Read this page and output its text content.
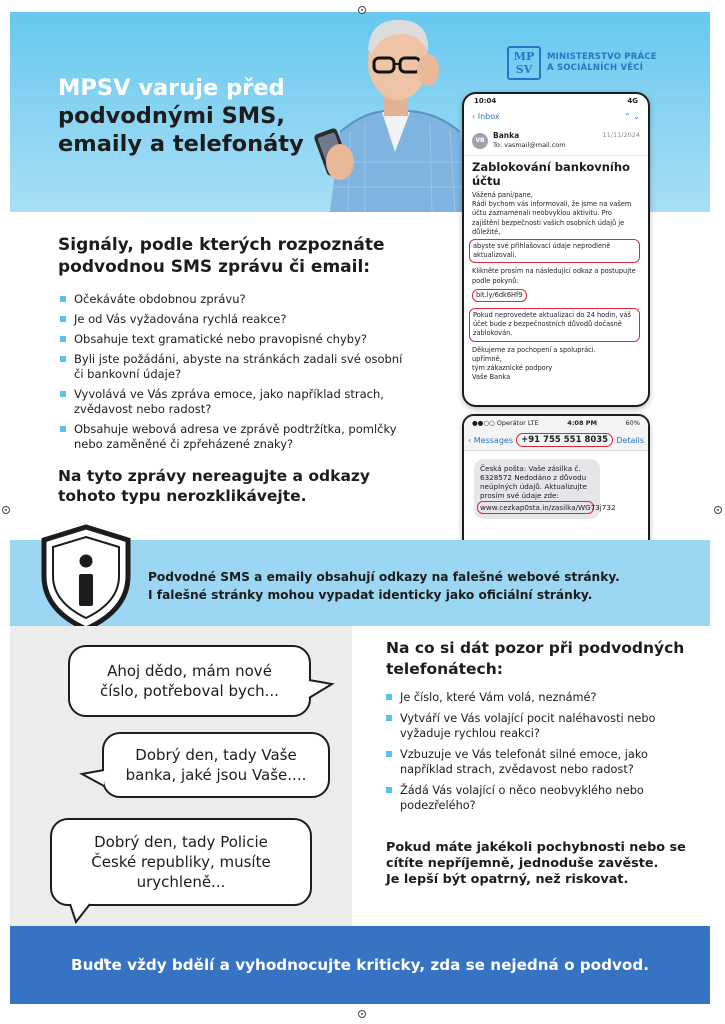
MPSV varuje před
podvodnými SMS,
emaily a telefonáty
MP SV
MINISTERSTVO PRÁCE
A SOCIÁLNÍCH VĚCÍ
10:04	4G
‹ Inbox	⌃ ⌄
VB
Banka
To: vasmail@mail.com
11/11/2024
Zablokování bankovního účtu

Vážená paní/pane,

Rádi bychom vás informovali, že jsme na vašem účtu zaznamenali neobvyklou aktivitu. Pro zajištění bezpečnosti vašich osobních údajů je důležité,

abyste své přihlašovací údaje neprodleně aktualizovali.

Klikněte prosím na následující odkaz a postupujte podle pokynů:

bit.ly/6dk6Hf9
Pokud neprovedete aktualizaci do 24 hodin, váš účet bude z bezpečnostních důvodů dočasně zablokován.

Děkujeme za pochopení a spolupráci.

upřímně,

tým zákaznické podpory

Vaše Banka

●●○○ Operátor LTE	4:08 PM	60%
‹ Messages +91 755 551 8035	Details
Česká pošta: Vaše zásilka č. 6328572 Nedodáno z důvodu neúplných údajů. Aktualizujte prosím své údaje zde:
www.cezkap0sta.in/zasilka/WG73j732
Signály, podle kterých rozpoznáte podvodnou SMS zprávu či email:
Očekáváte obdobnou zprávu?
Je od Vás vyžadována rychlá reakce?
Obsahuje text gramatické nebo pravopisné chyby?
Byli jste požádáni, abyste na stránkách zadali své osobní či bankovní údaje?
Vyvolává ve Vás zpráva emoce, jako například strach, zvědavost nebo radost?
Obsahuje webová adresa ve zprávě podtržítka, pomlčky nebo zaměněné či zpřeházené znaky?
Na tyto zprávy nereagujte a odkazy tohoto typu nerozklikávejte.
Podvodné SMS a emaily obsahují odkazy na falešné webové stránky.
I falešné stránky mohou vypadat identicky jako oficiální stránky.
Ahoj dědo, mám nové číslo, potřeboval bych...
Dobrý den, tady Vaše banka, jaké jsou Vaše....
Dobrý den, tady Policie České republiky, musíte urychleně...
Na co si dát pozor při podvodných telefonátech:
Je číslo, které Vám volá, neznámé?
Vytváří ve Vás volající pocit naléhavosti nebo vyžaduje rychlou reakci?
Vzbuzuje ve Vás telefonát silné emoce, jako například strach, zvědavost nebo radost?
Žádá Vás volající o něco neobvyklého nebo podezřelého?
Pokud máte jakékoli pochybnosti nebo se cítíte nepříjemně, jednoduše zavěste.
Je lepší být opatrný, než riskovat.
Buďte vždy bdělí a vyhodnocujte kriticky, zda se nejedná o podvod.
